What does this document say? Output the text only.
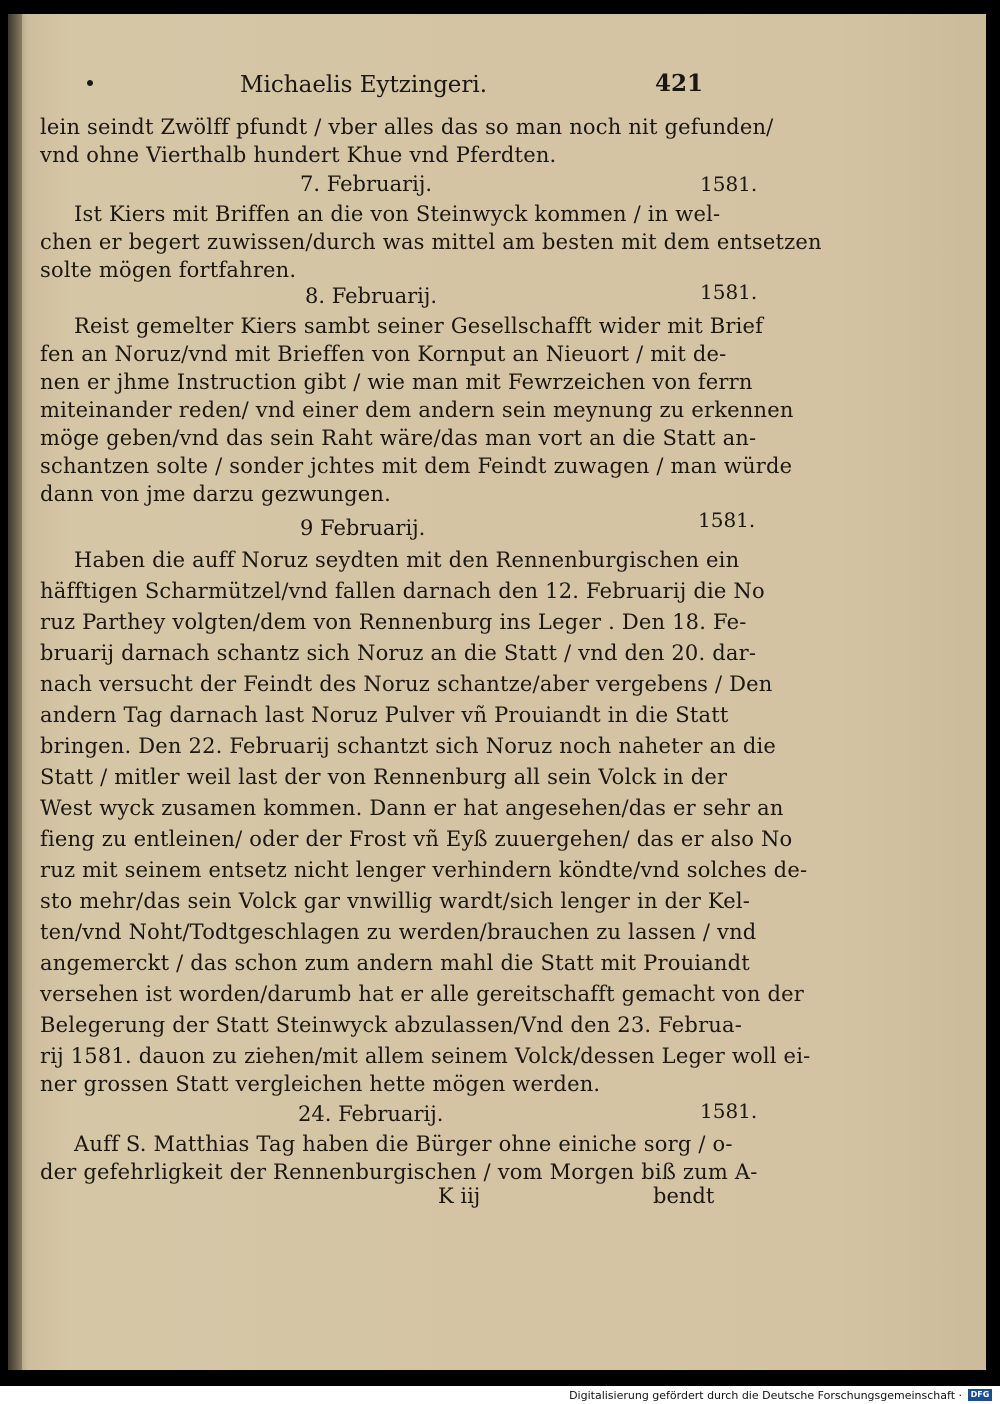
Michaelis Eytzingeri.	421
lein seindt Zwölff pfundt / vber alles das so man noch nit gefunden/
vnd ohne Vierthalb hundert Khue vnd Pferdten.
7. Februarij.	1581.
Ist Kiers mit Briffen an die von Steinwyck kommen / in wel-
chen er begert zuwissen/durch was mittel am besten mit dem entsetzen
solte mögen fortfahren.
8. Februarij.	1581.
Reist gemelter Kiers sambt seiner Gesellschafft wider mit Brief
fen an Noruz/vnd mit Brieffen von Kornput an Nieuort / mit de-
nen er jhme Instruction gibt / wie man mit Fewrzeichen von ferrn
miteinander reden/ vnd einer dem andern sein meynung zu erkennen
möge geben/vnd das sein Raht wäre/das man vort an die Statt an-
schantzen solte / sonder jchtes mit dem Feindt zuwagen / man würde
dann von jme darzu gezwungen.
9 Februarij.	1581.
Haben die auff Noruz seydten mit den Rennenburgischen ein
häfftigen Scharmützel/vnd fallen darnach den 12. Februarij die No
ruz Parthey volgten/dem von Rennenburg ins Leger . Den 18. Fe-
bruarij darnach schantz sich Noruz an die Statt / vnd den 20. dar-
nach versucht der Feindt des Noruz schantze/aber vergebens / Den
andern Tag darnach last Noruz Pulver vñ Prouiandt in die Statt
bringen. Den 22. Februarij schantzt sich Noruz noch naheter an die
Statt / mitler weil last der von Rennenburg all sein Volck in der
West wyck zusamen kommen. Dann er hat angesehen/das er sehr an
fieng zu entleinen/ oder der Frost vñ Eyß zuuergehen/ das er also No
ruz mit seinem entsetz nicht lenger verhindern köndte/vnd solches de-
sto mehr/das sein Volck gar vnwillig wardt/sich lenger in der Kel-
ten/vnd Noht/Todtgeschlagen zu werden/brauchen zu lassen / vnd
angemerckt / das schon zum andern mahl die Statt mit Prouiandt
versehen ist worden/darumb hat er alle gereitschafft gemacht von der
Belegerung der Statt Steinwyck abzulassen/Vnd den 23. Februa-
rij 1581. dauon zu ziehen/mit allem seinem Volck/dessen Leger woll ei-
ner grossen Statt vergleichen hette mögen werden.
24. Februarij.	1581.
Auff S. Matthias Tag haben die Bürger ohne einiche sorg / o-
der gefehrligkeit der Rennenburgischen / vom Morgen biß zum A-
K iij	bendt
Digitalisierung gefördert durch die Deutsche Forschungsgemeinschaft ·	DFG
